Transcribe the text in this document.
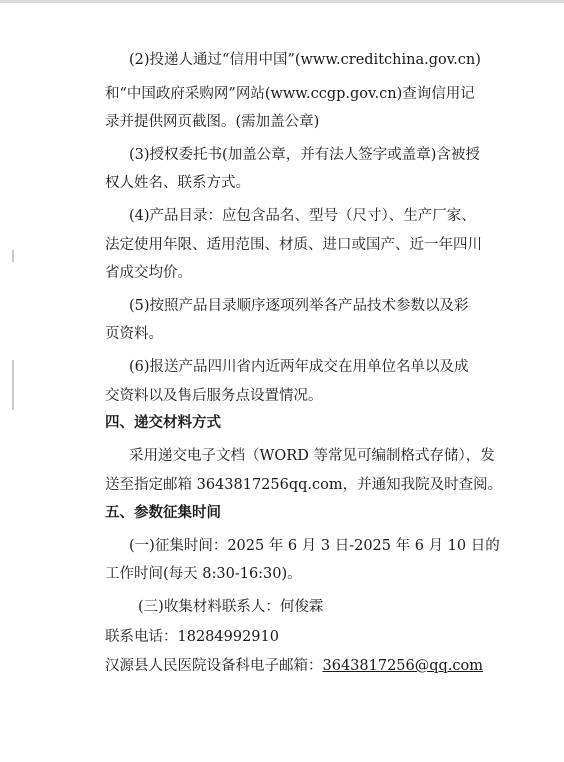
(2)投递人通过“信用中国”(www.creditchina.gov.cn)
和“中国政府采购网”网站(www.ccgp.gov.cn)查询信用记
录并提供网页截图。(需加盖公章)
(3)授权委托书(加盖公章，并有法人签字或盖章)含被授
权人姓名、联系方式。
(4)产品目录：应包含品名、型号（尺寸）、生产厂家、
法定使用年限、适用范围、材质、进口或国产、近一年四川
省成交均价。
(5)按照产品目录顺序逐项列举各产品技术参数以及彩
页资料。
(6)报送产品四川省内近两年成交在用单位名单以及成
交资料以及售后服务点设置情况。
四、递交材料方式
采用递交电子文档（WORD 等常见可编制格式存储），发
送至指定邮箱 3643817256qq.com，并通知我院及时查阅。
五、参数征集时间
(一)征集时间：2025 年 6 月 3 日-2025 年 6 月 10 日的
工作时间(每天 8:30-16:30)。
(三)收集材料联系人：何俊霖
联系电话：18284992910
汉源县人民医院设备科电子邮箱：3643817256@qq.com
